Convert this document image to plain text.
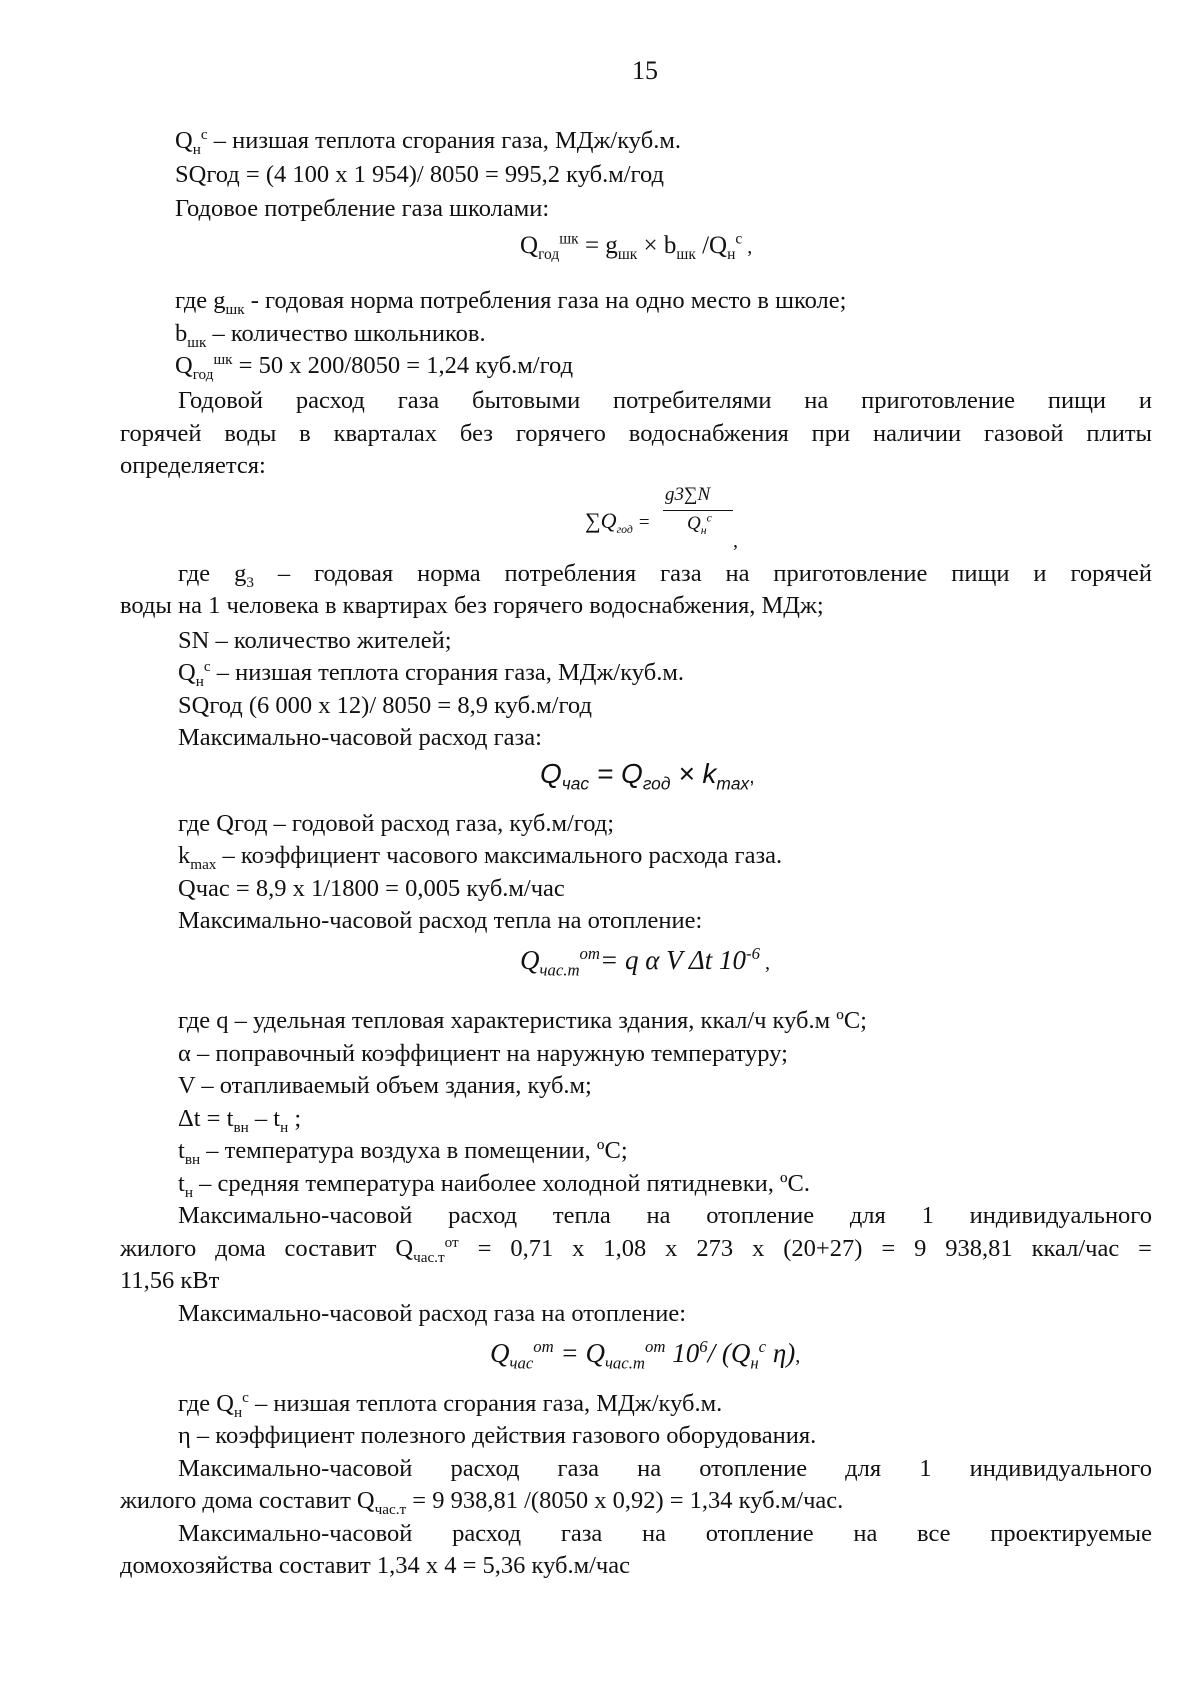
15
$Q_н^с$ – низшая теплота сгорания газа, МДж/куб.м.
SQгод = (4 100 х 1 954)/ 8050 = 995,2 куб.м/год
Годовое потребление газа школами:
$Q_{год}^{шк} = g_{шк} \times b_{шк}$ $/Q_н^с$ ,
где $g_{шк}$ - годовая норма потребления газа на одно место в школе;
$b_{шк}$ – количество школьников.
$Q_{год}^{шк} = 50$ х 200/8050 = 1,24 куб.м/год
Годовой расход газа бытовыми потребителями на приготовление пищи и
горячей воды в кварталах без горячего водоснабжения при наличии газовой плиты
определяется:
$\sum Q_{год}$ =
g3∑N
$Q_н^с$
,
где $g_3$ – годовая норма потребления газа на приготовление пищи и горячей
воды на 1 человека в квартирах без горячего водоснабжения, МДж;
SN – количество жителей;
$Q_н^с$ – низшая теплота сгорания газа, МДж/куб.м.
SQгод (6 000 х 12)/ 8050 = 8,9 куб.м/год
Максимально-часовой расход газа:
$Q_{час} = Q_{год} \times k_{max}$,
где Qгод – годовой расход газа, куб.м/год;
$k_{max}$ – коэффициент часового максимального расхода газа.
Qчас = 8,9 х 1/1800 = 0,005 куб.м/час
Максимально-часовой расход тепла на отопление:
$Q_{час.т}^{от}= q$ α V Δt $10^{-6}$ ,
где q – удельная тепловая характеристика здания, ккал/ч куб.м ºС;
α – поправочный коэффициент на наружную температуру;
V – отапливаемый объем здания, куб.м;
$\Delta t = t_{вн} - t_н$ ;
$t_{вн}$ – температура воздуха в помещении, ºС;
$t_н$ – средняя температура наиболее холодной пятидневки, ºС.
Максимально-часовой расход тепла на отопление для 1 индивидуального
жилого дома составит $Q_{час.т}^{от} = 0,71$ х 1,08 х 273 х (20+27) = 9 938,81 ккал/час =
11,56 кВт
Максимально-часовой расход газа на отопление:
$Q_{час}^{от} = Q_{час.т}^{от}$ $10^6/$ ($Q_н^с$ η),
где $Q_н^с$ – низшая теплота сгорания газа, МДж/куб.м.
η – коэффициент полезного действия газового оборудования.
Максимально-часовой расход газа на отопление для 1 индивидуального
жилого дома составит $Q_{час.т} = 9$ 938,81 /(8050 х 0,92) = 1,34 куб.м/час.
Максимально-часовой расход газа на отопление на все проектируемые
домохозяйства составит 1,34 х 4 = 5,36 куб.м/час
